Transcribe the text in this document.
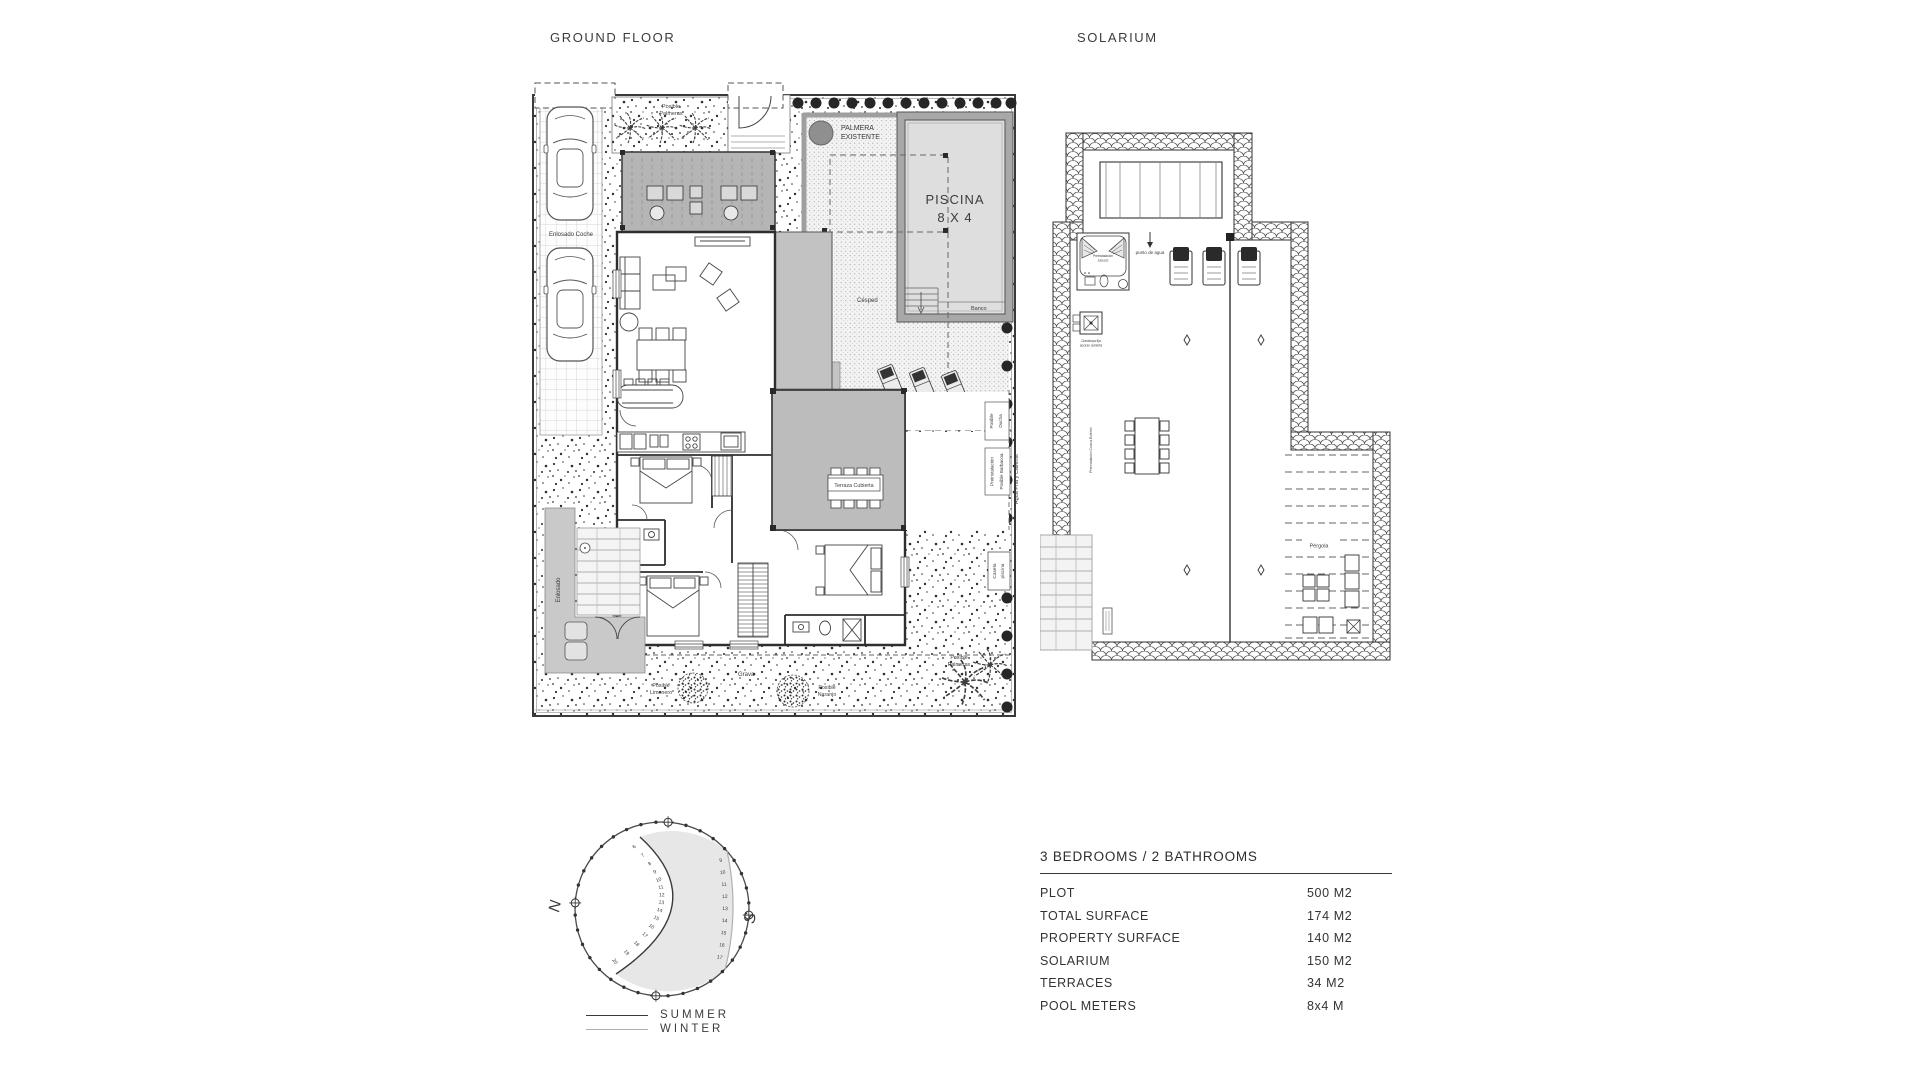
GROUND FLOOR	SOLARIUM
Enlosado Coche
Posible
Palmeras
Césped
PALMERA
EXISTENTE
PISCINA
8 X 4
Banco
Terraza Cubierta
Posible Ducha
Preinstalación Posible Barbacoa Agua Fría y Caliente
Caseta piscina
Enlosado
Posible
Limonero
Posible
Naranjo
Grava
Posible
Palmeras
Preinstalación
Jacuzzi
punto de agua
Claraboya fija
acceso cubierta
Preinstalación Cocina Exterior
Pérgola
6
7
8
9
10
11
12
13
14
15
16
17
18
19
20
9
10
11
12
13
14
15
16
17
N
S
SUMMER
WINTER
3 BEDROOMS / 2 BATHROOMS
PLOT	500 M2
TOTAL SURFACE	174 M2
PROPERTY SURFACE	140 M2
SOLARIUM	150 M2
TERRACES	34 M2
POOL METERS	8x4 M
